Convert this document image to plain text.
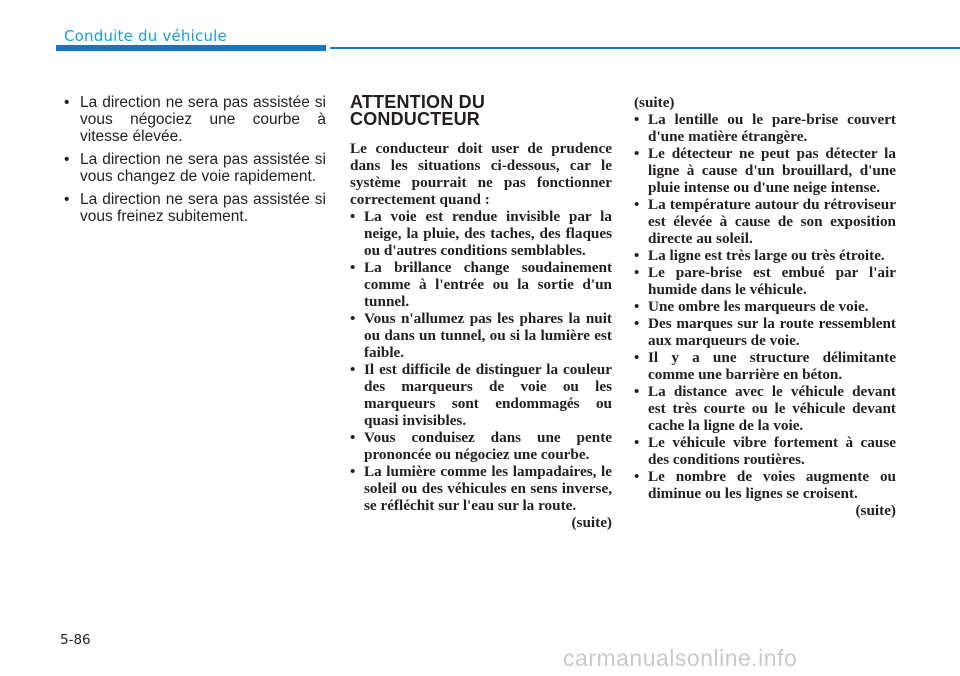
Conduite du véhicule
• La direction ne sera pas assistée si vous négociez une courbe à vitesse élevée.
• La direction ne sera pas assistée si vous changez de voie rapidement.
• La direction ne sera pas assistée si vous freinez subitement.
ATTENTION DU
CONDUCTEUR

Le conducteur doit user de prudence dans les situations ci-dessous, car le système pourrait ne pas fonctionner correctement quand :

• La voie est rendue invisible par la neige, la pluie, des taches, des flaques ou d'autres conditions semblables.
• La brillance change soudainement comme à l'entrée ou la sortie d'un tunnel.
• Vous n'allumez pas les phares la nuit ou dans un tunnel, ou si la lumière est faible.
• Il est difficile de distinguer la couleur des marqueurs de voie ou les marqueurs sont endommagés ou quasi invisibles.
• Vous conduisez dans une pente prononcée ou négociez une courbe.
• La lumière comme les lampadaires, le soleil ou des véhicules en sens inverse, se réfléchit sur l'eau sur la route.

(suite)

(suite)

• La lentille ou le pare-brise couvert d'une matière étrangère.
• Le détecteur ne peut pas détecter la ligne à cause d'un brouillard, d'une pluie intense ou d'une neige intense.
• La température autour du rétroviseur est élevée à cause de son exposition directe au soleil.
• La ligne est très large ou très étroite.
• Le pare-brise est embué par l'air humide dans le véhicule.
• Une ombre les marqueurs de voie.
• Des marques sur la route ressemblent aux marqueurs de voie.
• Il y a une structure délimitante comme une barrière en béton.
• La distance avec le véhicule devant est très courte ou le véhicule devant cache la ligne de la voie.
• Le véhicule vibre fortement à cause des conditions routières.
• Le nombre de voies augmente ou diminue ou les lignes se croisent.

(suite)

5-86
carmanualsonline.info
